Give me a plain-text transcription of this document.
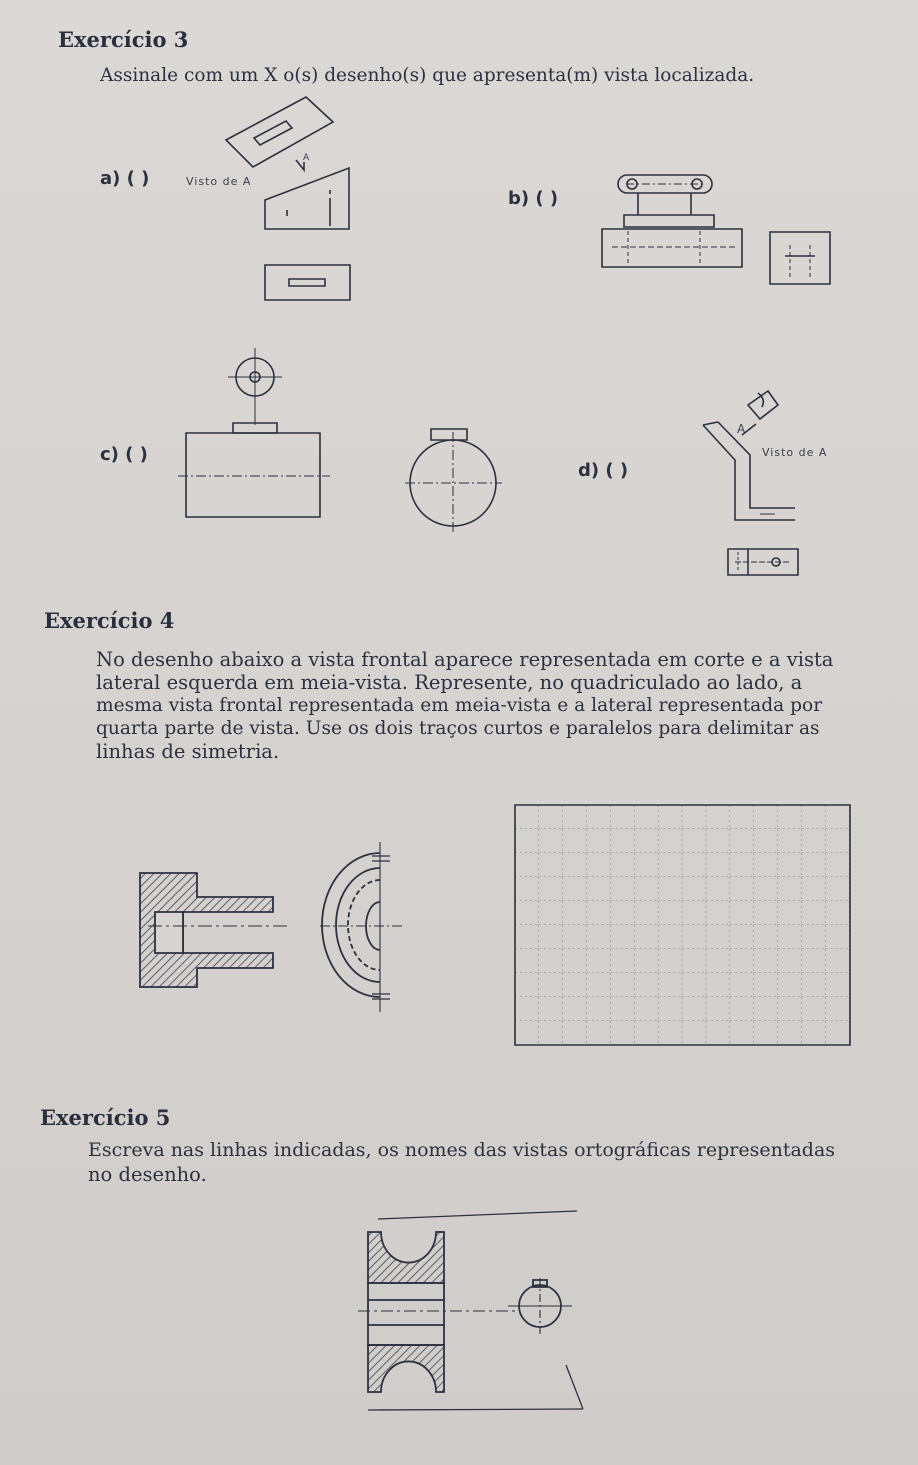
Exercício 3
Assinale com um X o(s) desenho(s) que apresenta(m) vista localizada.
a) ( )	Visto de A
A
b) ( )
c) ( )
d) ( )
Visto de A
A
Exercício 4
No desenho abaixo a vista frontal aparece representada em corte e a vista
lateral esquerda em meia-vista. Represente, no quadriculado ao lado, a
mesma vista frontal representada em meia-vista e a lateral representada por
quarta parte de vista. Use os dois traços curtos e paralelos para delimitar as
linhas de simetria.
Exercício 5
Escreva nas linhas indicadas, os nomes das vistas ortográficas representadas
no desenho.
